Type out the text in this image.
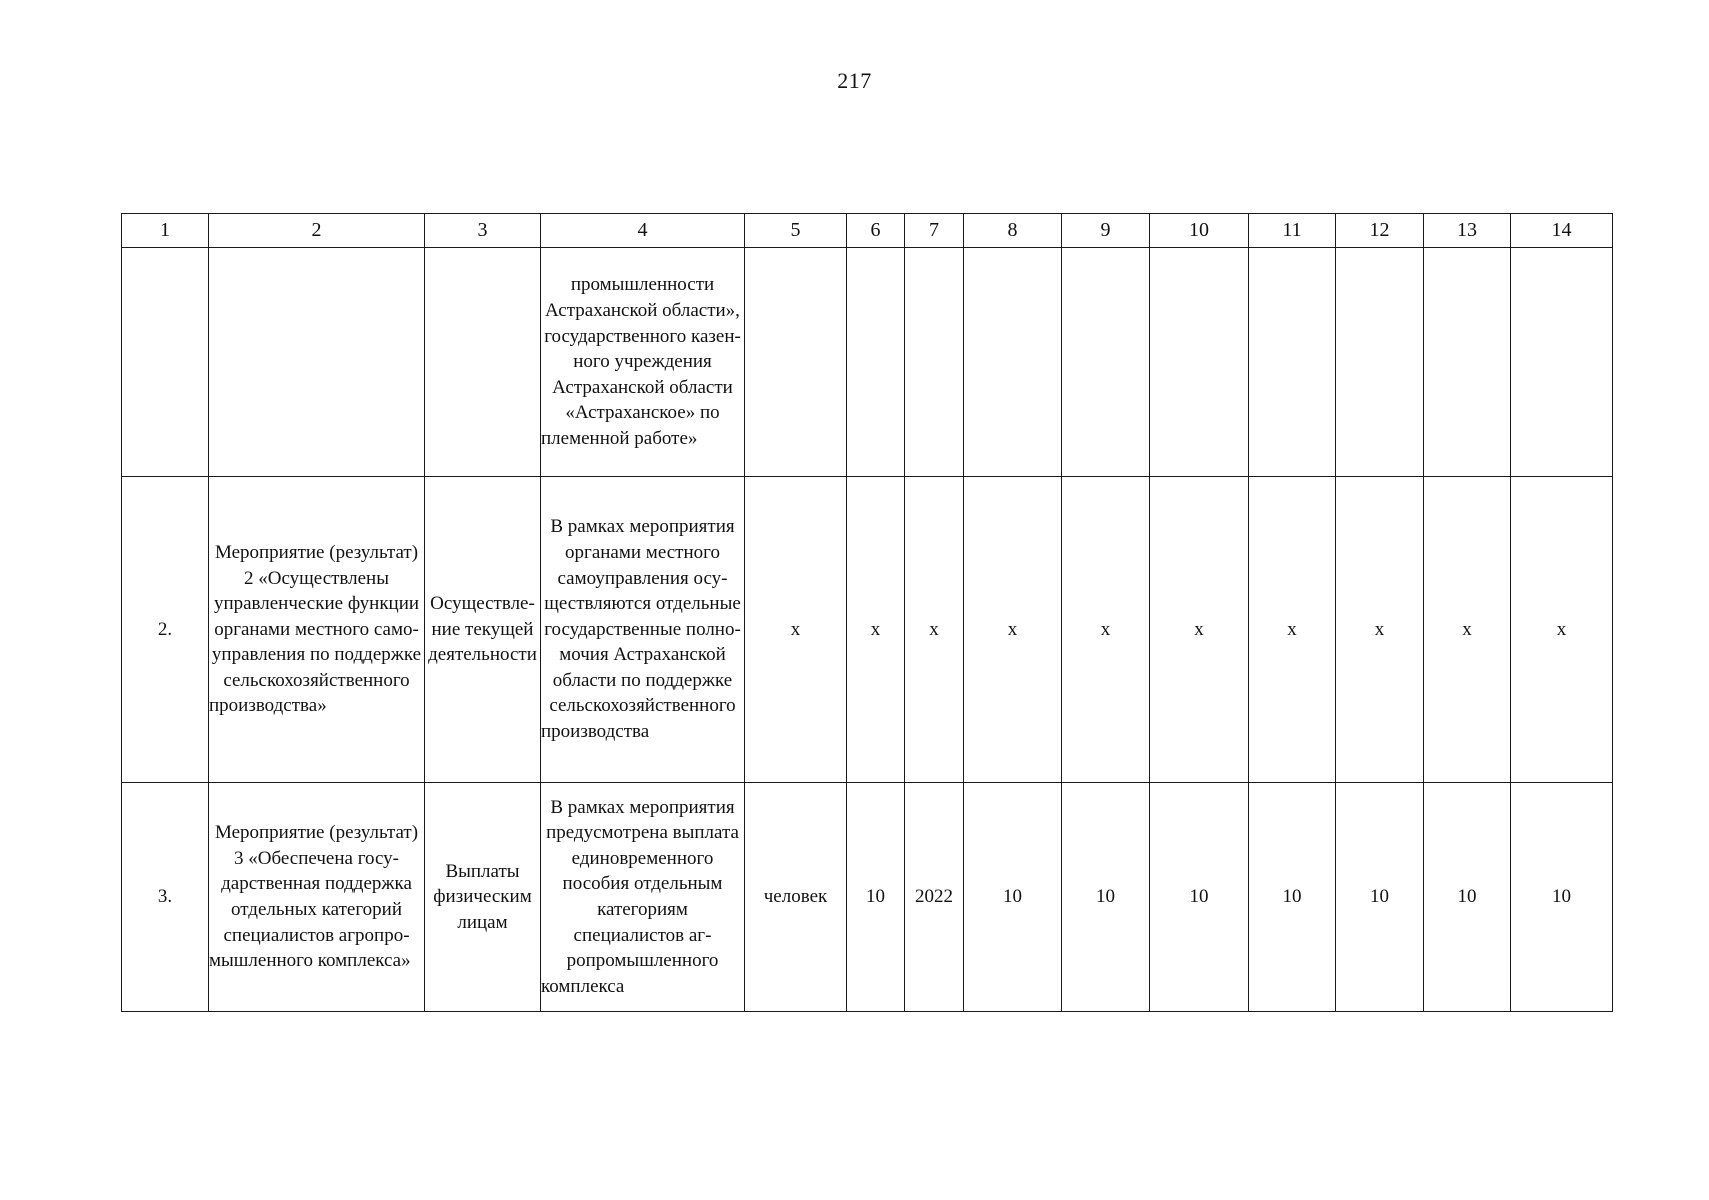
217
1	2	3	4	5	6	7	8	9	10	11	12	13	14
			промышленности Астраханской области», государственного казенного учреждения Астраханской области «Астраханское» по племенной работе»										
2.	Мероприятие (результат) 2 «Осуществлены управленческие функции органами местного самоуправления по поддержке сельскохозяйственного производства»	Осуществление текущей деятельности	В рамках мероприятия органами местного самоуправления осуществляются отдельные государственные полномочия Астраханской области по поддержке сельскохозяйственного производства	х	х	х	х	х	х	х	х	х	х
3.	Мероприятие (результат) 3 «Обеспечена государственная поддержка отдельных категорий специалистов агропромышленного комплекса»	Выплаты физическим лицам	В рамках мероприятия предусмотрена выплата единовременного пособия отдельным категориям специалистов агропромышленного комплекса	человек	10	2022	10	10	10	10	10	10	10
